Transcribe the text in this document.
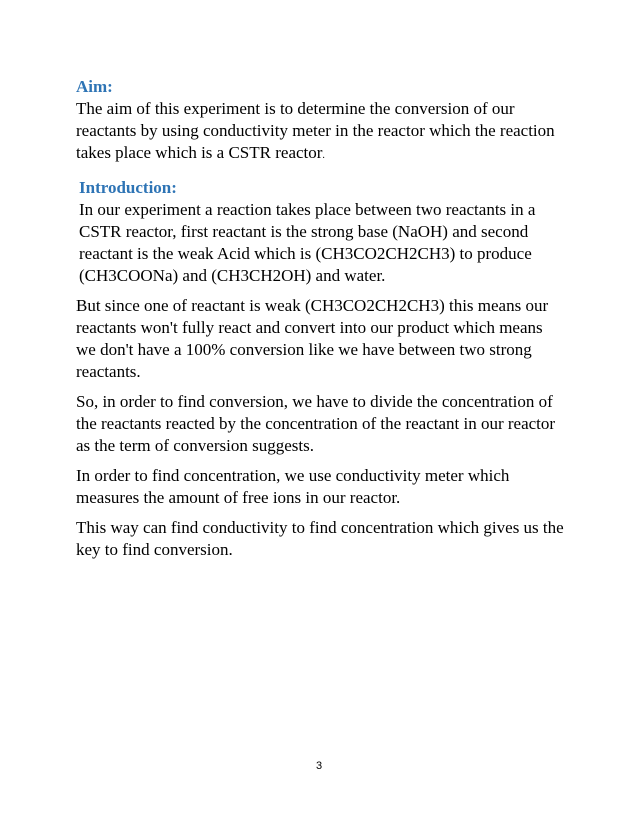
Aim:

The aim of this experiment is to determine the conversion of our reactants by using conductivity meter in the reactor which the reaction takes place which is a CSTR reactor.

Introduction:

In our experiment a reaction takes place between two reactants in a CSTR reactor, first reactant is the strong base (NaOH) and second reactant is the weak Acid which is (CH3CO2CH2CH3) to produce (CH3COONa) and (CH3CH2OH) and water.

But since one of reactant is weak (CH3CO2CH2CH3) this means our reactants won't fully react and convert into our product which means we don't have a 100% conversion like we have between two strong reactants.

So, in order to find conversion, we have to divide the concentration of the reactants reacted by the concentration of the reactant in our reactor as the term of conversion suggests.

In order to find concentration, we use conductivity meter which measures the amount of free ions in our reactor.

This way can find conductivity to find concentration which gives us the key to find conversion.

3
